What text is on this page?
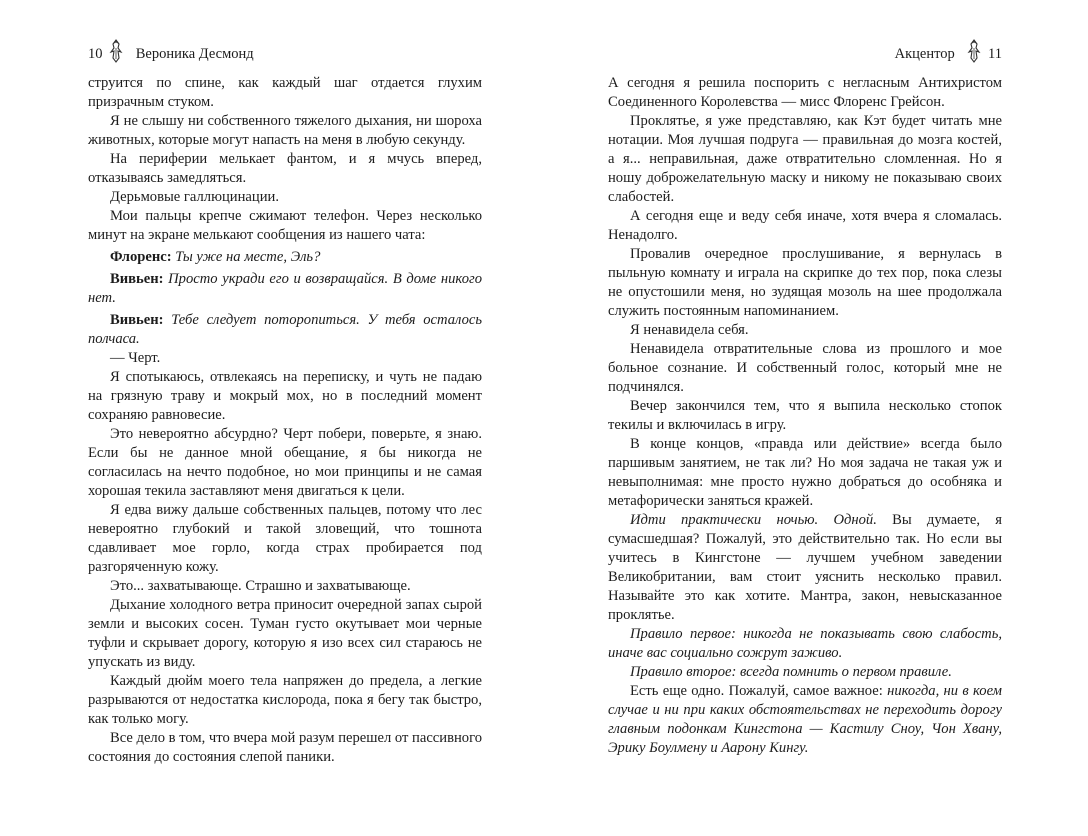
10 Вероника Десмонд

струится по спине, как каждый шаг отдается глухим призрачным стуком.

Я не слышу ни собственного тяжелого дыхания, ни шороха животных, которые могут напасть на меня в любую секунду.

На периферии мелькает фантом, и я мчусь вперед, отказываясь замедляться.

Дерьмовые галлюцинации.

Мои пальцы крепче сжимают телефон. Через несколько минут на экране мелькают сообщения из нашего чата:

Флоренс: Ты уже на месте, Эль?

Вивьен: Просто укради его и возвращайся. В доме никого нет.

Вивьен: Тебе следует поторопиться. У тебя осталось полчаса.

— Черт.

Я спотыкаюсь, отвлекаясь на переписку, и чуть не падаю на грязную траву и мокрый мох, но в последний момент сохраняю равновесие.

Это невероятно абсурдно? Черт побери, поверьте, я знаю. Если бы не данное мной обещание, я бы никогда не согласилась на нечто подобное, но мои принципы и не самая хорошая текила заставляют меня двигаться к цели.

Я едва вижу дальше собственных пальцев, потому что лес невероятно глубокий и такой зловещий, что тошнота сдавливает мое горло, когда страх пробирается под разгоряченную кожу.

Это... захватывающе. Страшно и захватывающе.

Дыхание холодного ветра приносит очередной запах сырой земли и высоких сосен. Туман густо окутывает мои черные туфли и скрывает дорогу, которую я изо всех сил стараюсь не упускать из виду.

Каждый дюйм моего тела напряжен до предела, а легкие разрываются от недостатка кислорода, пока я бегу так быстро, как только могу.

Все дело в том, что вчера мой разум перешел от пассивного состояния до состояния слепой паники.

Акцентор 11

А сегодня я решила поспорить с негласным Антихристом Соединенного Королевства — мисс Флоренс Грейсон.

Проклятье, я уже представляю, как Кэт будет читать мне нотации. Моя лучшая подруга — правильная до мозга костей, а я... неправильная, даже отвратительно сломленная. Но я ношу доброжелательную маску и никому не показываю своих слабостей.

А сегодня еще и веду себя иначе, хотя вчера я сломалась. Ненадолго.

Провалив очередное прослушивание, я вернулась в пыльную комнату и играла на скрипке до тех пор, пока слезы не опустошили меня, но зудящая мозоль на шее продолжала служить постоянным напоминанием.

Я ненавидела себя.

Ненавидела отвратительные слова из прошлого и мое больное сознание. И собственный голос, который мне не подчинялся.

Вечер закончился тем, что я выпила несколько стопок текилы и включилась в игру.

В конце концов, «правда или действие» всегда было паршивым занятием, не так ли? Но моя задача не такая уж и невыполнимая: мне просто нужно добраться до особняка и метафорически заняться кражей.

Идти практически ночью. Одной. Вы думаете, я сумасшедшая? Пожалуй, это действительно так. Но если вы учитесь в Кингстоне — лучшем учебном заведении Великобритании, вам стоит уяснить несколько правил. Называйте это как хотите. Мантра, закон, невысказанное проклятье.

Правило первое: никогда не показывать свою слабость, иначе вас социально сожрут заживо.

Правило второе: всегда помнить о первом правиле.

Есть еще одно. Пожалуй, самое важное: никогда, ни в коем случае и ни при каких обстоятельствах не переходить дорогу главным подонкам Кингстона — Кастилу Сноу, Чон Хвану, Эрику Боулмену и Аарону Кингу.
